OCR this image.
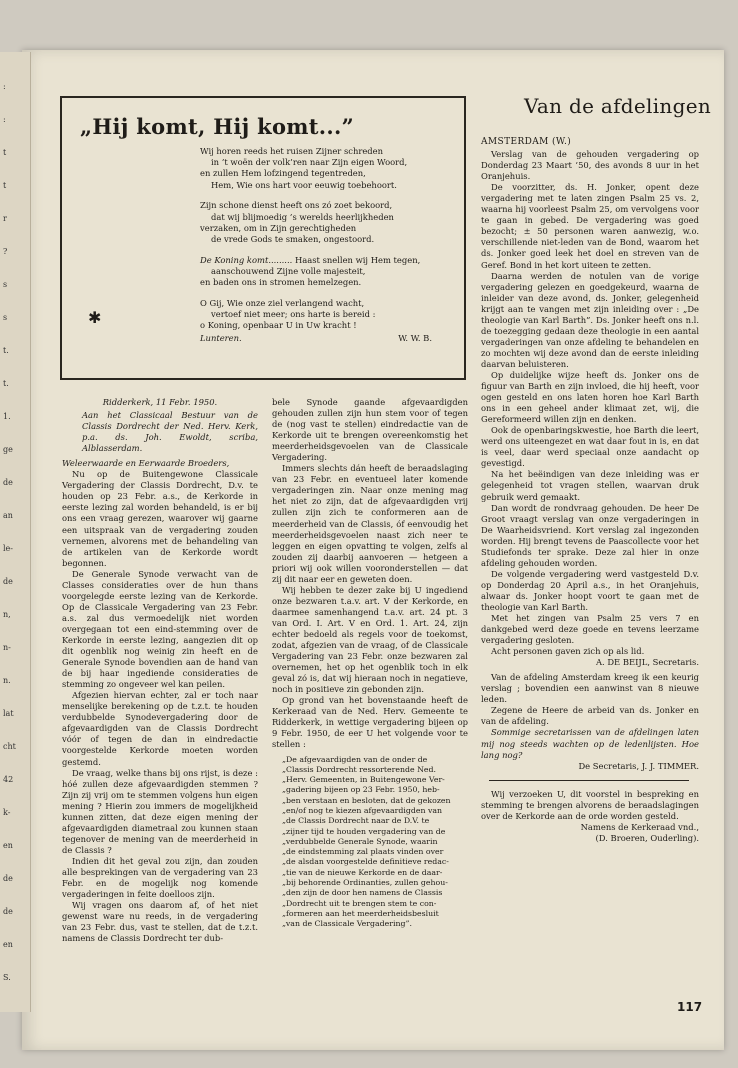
:
:
t
t
r
?
s
s
t.
t.
1.
ge
de
an
le-
de
n,
n-
n.
lat
cht
42
k-
en
de
de
en
S.
„Hij komt, Hij komt...”

Wij horen reeds het ruisen Zijner schreden
in ’t woën der volk’ren naar Zijn eigen Woord,
en zullen Hem lofzingend tegentreden,
Hem, Wie ons hart voor eeuwig toebehoort.

Zijn schone dienst heeft ons zó zoet bekoord,
dat wij blijmoedig ’s werelds heerlijkheden
verzaken, om in Zijn gerechtigheden
de vrede Gods te smaken, ongestoord.

De Koning komt......... Haast snellen wij Hem tegen,
aanschouwend Zijne volle majesteit,
en baden ons in stromen hemelzegen.

O Gij, Wie onze ziel verlangend wacht,
vertoef niet meer; ons harte is bereid :
o Koning, openbaar U in Uw kracht !

Lunteren.	W. W. B.
✱

Ridderkerk, 11 Febr. 1950.

Aan het Classicaal Bestuur van de Classis Dordrecht der Ned. Herv. Kerk, p.a. ds. Joh. Ewoldt, scriba, Alblasserdam.

Weleerwaarde en Eerwaarde Broeders,

Nu op de Buitengewone Classicale Vergadering der Classis Dordrecht, D.v. te houden op 23 Febr. a.s., de Kerkorde in eerste lezing zal worden behandeld, is er bij ons een vraag gerezen, waarover wij gaarne een uitspraak van de vergadering zouden vernemen, alvorens met de behandeling van de artikelen van de Kerkorde wordt begonnen.

De Generale Synode verwacht van de Classes consideraties over de hun thans voorgelegde eerste lezing van de Kerkorde. Op de Classicale Vergadering van 23 Febr. a.s. zal dus vermoedelijk niet worden overgegaan tot een eind-stemming over de Kerkorde in eerste lezing, aangezien dit op dit ogenblik nog weinig zin heeft en de Generale Synode bovendien aan de hand van de bij haar ingediende consideraties de stemming zo ongeveer wel kan peilen.

Afgezien hiervan echter, zal er toch naar menselijke berekening op de t.z.t. te houden verdubbelde Synodevergadering door de afgevaardigden van de Classis Dordrecht vóór of tegen de dan in eindredactie voorgestelde Kerkorde moeten worden gestemd.

De vraag, welke thans bij ons rijst, is deze : hóé zullen deze afgevaardigden stemmen ? Zijn zij vrij om te stemmen volgens hun eigen mening ? Hierin zou immers de mogelijkheid kunnen zitten, dat deze eigen mening der afgevaardigden diametraal zou kunnen staan tegenover de mening van de meerderheid in de Classis ?

Indien dit het geval zou zijn, dan zouden alle besprekingen van de vergadering van 23 Febr. en de mogelijk nog komende vergaderingen in feite doelloos zijn.

Wij vragen ons daarom af, of het niet gewenst ware nu reeds, in de vergadering van 23 Febr. dus, vast te stellen, dat de t.z.t. namens de Classis Dordrecht ter dub-

bele Synode gaande afgevaardigden gehouden zullen zijn hun stem voor of tegen de (nog vast te stellen) eindredactie van de Kerkorde uit te brengen overeenkomstig het meerderheidsgevoelen van de Classicale Vergadering.

Immers slechts dán heeft de beraadslaging van 23 Febr. en eventueel later komende vergaderingen zin. Naar onze mening mag het niet zo zijn, dat de afgevaardigden vrij zullen zijn zich te conformeren aan de meerderheid van de Classis, óf eenvoudig het meerderheidsgevoelen naast zich neer te leggen en eigen opvatting te volgen, zelfs al zouden zij daarbij aanvoeren — hetgeen a priori wij ook willen vooronderstellen — dat zij dit naar eer en geweten doen.

Wij hebben te dezer zake bij U ingediend onze bezwaren t.a.v. art. V der Kerkorde, en daarmee samenhangend t.a.v. art. 24 pt. 3 van Ord. I. Art. V en Ord. 1. Art. 24, zijn echter bedoeld als regels voor de toekomst, zodat, afgezien van de vraag, of de Classicale Vergadering van 23 Febr. onze bezwaren zal overnemen, het op het ogenblik toch in elk geval zó is, dat wij hieraan noch in negatieve, noch in positieve zin gebonden zijn.

Op grond van het bovenstaande heeft de Kerkeraad van de Ned. Herv. Gemeente te Ridderkerk, in wettige vergadering bijeen op 9 Febr. 1950, de eer U het volgende voor te stellen :

„De afgevaardigden van de onder de
„Classis Dordrecht ressorterende Ned.
„Herv. Gemeenten, in Buitengewone Ver-
„gadering bijeen op 23 Febr. 1950, heb-
„ben verstaan en besloten, dat de gekozen
„en/of nog te kiezen afgevaardigden van
„de Classis Dordrecht naar de D.V. te
„zijner tijd te houden vergadering van de
„verdubbelde Generale Synode, waarin
„de eindstemming zal plaats vinden over
„de alsdan voorgestelde definitieve redac-
„tie van de nieuwe Kerkorde en de daar-
„bij behorende Ordinanties, zullen gehou-
„den zijn de door hen namens de Classis
„Dordrecht uit te brengen stem te con-
„formeren aan het meerderheidsbesluit
„van de Classicale Vergadering”.
Van de afdelingen

AMSTERDAM (W.)

Verslag van de gehouden vergadering op Donderdag 23 Maart ’50, des avonds 8 uur in het Oranjehuis.

De voorzitter, ds. H. Jonker, opent deze vergadering met te laten zingen Psalm 25 vs. 2, waarna hij voorleest Psalm 25, om vervolgens voor te gaan in gebed. De vergadering was goed bezocht; ± 50 personen waren aanwezig, w.o. verschillende niet-leden van de Bond, waarom het ds. Jonker goed leek het doel en streven van de Geref. Bond in het kort uiteen te zetten.

Daarna werden de notulen van de vorige vergadering gelezen en goedgekeurd, waarna de inleider van deze avond, ds. Jonker, gelegenheid krijgt aan te vangen met zijn inleiding over : „De theologie van Karl Barth”. Ds. Jonker heeft ons n.l. de toezegging gedaan deze theologie in een aantal vergaderingen van onze afdeling te behandelen en zo mochten wij deze avond dan de eerste inleiding daarvan beluisteren.

Op duidelijke wijze heeft ds. Jonker ons de figuur van Barth en zijn invloed, die hij heeft, voor ogen gesteld en ons laten horen hoe Karl Barth ons in een geheel ander klimaat zet, wij, die Gereformeerd willen zijn en denken.

Ook de openbaringskwestie, hoe Barth die leert, werd ons uiteengezet en wat daar fout in is, en dat is veel, daar werd speciaal onze aandacht op gevestigd.

Na het beëindigen van deze inleiding was er gelegenheid tot vragen stellen, waarvan druk gebruik werd gemaakt.

Dan wordt de rondvraag gehouden. De heer De Groot vraagt verslag van onze vergaderingen in De Waarheidsvriend. Kort verslag zal ingezonden worden. Hij brengt tevens de Paascollecte voor het Studiefonds ter sprake. Deze zal hier in onze afdeling gehouden worden.

De volgende vergadering werd vastgesteld D.v. op Donderdag 20 April a.s., in het Oranjehuis, alwaar ds. Jonker hoopt voort te gaan met de theologie van Karl Barth.

Met het zingen van Psalm 25 vers 7 en dankgebed werd deze goede en tevens leerzame vergadering gesloten.

Acht personen gaven zich op als lid.

A. DE BEIJL, Secretaris.

Van de afdeling Amsterdam kreeg ik een keurig verslag ; bovendien een aanwinst van 8 nieuwe leden.

Zegene de Heere de arbeid van ds. Jonker en van de afdeling.

Sommige secretarissen van de afdelingen laten mij nog steeds wachten op de ledenlijsten. Hoe lang nog?

De Secretaris, J. J. TIMMER.

Wij verzoeken U, dit voorstel in bespreking en stemming te brengen alvorens de beraadslagingen over de Kerkorde aan de orde worden gesteld.

Namens de Kerkeraad vnd.,

(D. Broeren, Ouderling).

117
